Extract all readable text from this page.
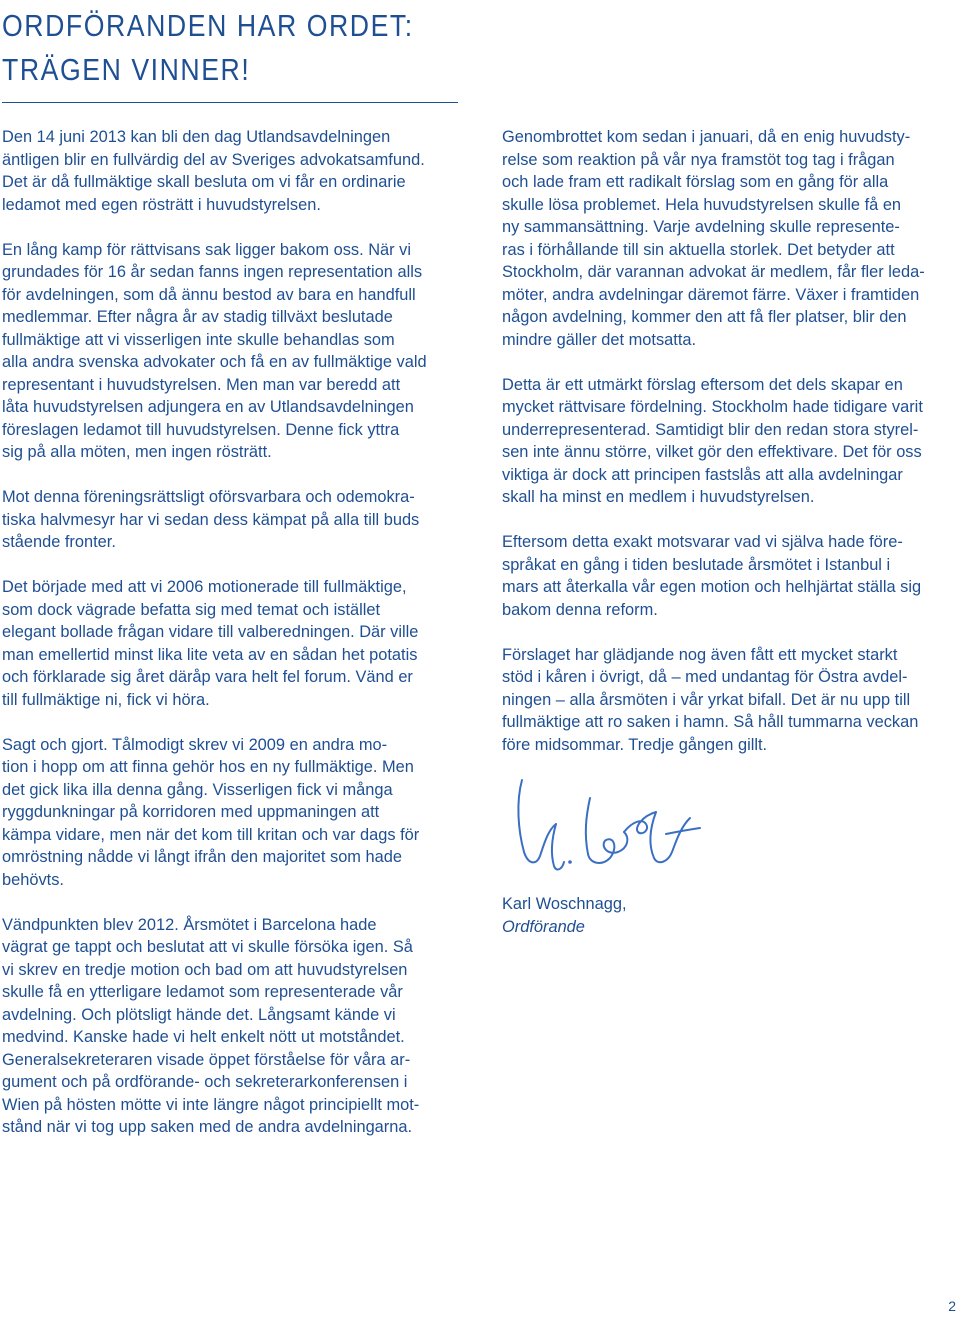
ORDFÖRANDEN HAR ORDET:
TRÄGEN VINNER!

Den 14 juni 2013 kan bli den dag Utlandsavdelningen
äntligen blir en fullvärdig del av Sveriges advokatsamfund.
Det är då fullmäktige skall besluta om vi får en ordinarie
ledamot med egen rösträtt i huvudstyrelsen.

En lång kamp för rättvisans sak ligger bakom oss. När vi
grundades för 16 år sedan fanns ingen representation alls
för avdelningen, som då ännu bestod av bara en handfull
medlemmar. Efter några år av stadig tillväxt beslutade
fullmäktige att vi visserligen inte skulle behandlas som
alla andra svenska advokater och få en av fullmäktige vald
representant i huvudstyrelsen. Men man var beredd att
låta huvudstyrelsen adjungera en av Utlandsavdelningen
föreslagen ledamot till huvudstyrelsen. Denne fick yttra
sig på alla möten, men ingen rösträtt.

Mot denna föreningsrättsligt oförsvarbara och odemokra-
tiska halvmesyr har vi sedan dess kämpat på alla till buds
stående fronter.

Det började med att vi 2006 motionerade till fullmäktige,
som dock vägrade befatta sig med temat och istället
elegant bollade frågan vidare till valberedningen. Där ville
man emellertid minst lika lite veta av en sådan het potatis
och förklarade sig året däråp vara helt fel forum. Vänd er
till fullmäktige ni, fick vi höra.

Sagt och gjort. Tålmodigt skrev vi 2009 en andra mo-
tion i hopp om att finna gehör hos en ny fullmäktige. Men
det gick lika illa denna gång. Visserligen fick vi många
ryggdunkningar på korridoren med uppmaningen att
kämpa vidare, men när det kom till kritan och var dags för
omröstning nådde vi långt ifrån den majoritet som hade
behövts.

Vändpunkten blev 2012. Årsmötet i Barcelona hade
vägrat ge tappt och beslutat att vi skulle försöka igen. Så
vi skrev en tredje motion och bad om att huvudstyrelsen
skulle få en ytterligare ledamot som representerade vår
avdelning. Och plötsligt hände det. Långsamt kände vi
medvind. Kanske hade vi helt enkelt nött ut motståndet.
Generalsekreteraren visade öppet förståelse för våra ar-
gument och på ordförande- och sekreterarkonferensen i
Wien på hösten mötte vi inte längre något principiellt mot-
stånd när vi tog upp saken med de andra avdelningarna.

Genombrottet kom sedan i januari, då en enig huvudsty-
relse som reaktion på vår nya framstöt tog tag i frågan
och lade fram ett radikalt förslag som en gång för alla
skulle lösa problemet. Hela huvudstyrelsen skulle få en
ny sammansättning. Varje avdelning skulle represente-
ras i förhållande till sin aktuella storlek. Det betyder att
Stockholm, där varannan advokat är medlem, får fler leda-
möter, andra avdelningar däremot färre. Växer i framtiden
någon avdelning, kommer den att få fler platser, blir den
mindre gäller det motsatta.

Detta är ett utmärkt förslag eftersom det dels skapar en
mycket rättvisare fördelning. Stockholm hade tidigare varit
underrepresenterad. Samtidigt blir den redan stora styrel-
sen inte ännu större, vilket gör den effektivare. Det för oss
viktiga är dock att principen fastslås att alla avdelningar
skall ha minst en medlem i huvudstyrelsen.

Eftersom detta exakt motsvarar vad vi själva hade före-
språkat en gång i tiden beslutade årsmötet i Istanbul i
mars att återkalla vår egen motion och helhjärtat ställa sig
bakom denna reform.

Förslaget har glädjande nog även fått ett mycket starkt
stöd i kåren i övrigt, då – med undantag för Östra avdel-
ningen – alla årsmöten i vår yrkat bifall. Det är nu upp till
fullmäktige att ro saken i hamn. Så håll tummarna veckan
före midsommar. Tredje gången gillt.

Karl Woschnagg,
Ordförande
2
